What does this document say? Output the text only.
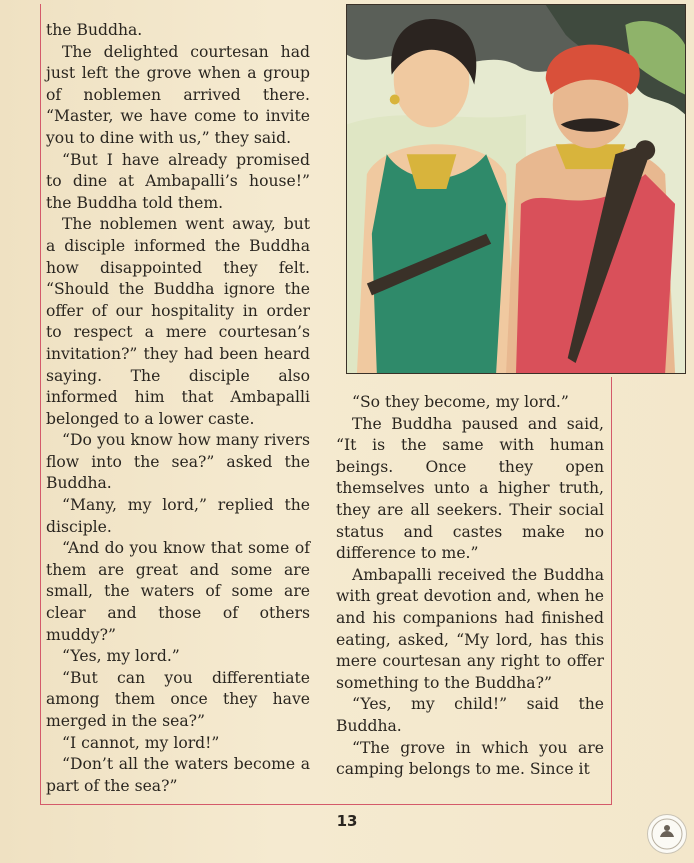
the Buddha.

The delighted courtesan had just left the grove when a group of noblemen arrived there. “Master, we have come to invite you to dine with us,” they said.

“But I have already promised to dine at Ambapalli’s house!” the Buddha told them.

The noblemen went away, but a disciple informed the Buddha how disappointed they felt. “Should the Buddha ignore the offer of our hospitality in order to respect a mere courtesan’s invitation?” they had been heard saying. The disciple also informed him that Ambapalli belonged to a lower caste.

“Do you know how many rivers flow into the sea?” asked the Buddha.

“Many, my lord,” replied the disciple.

“And do you know that some of them are great and some are small, the waters of some are clear and those of others muddy?”

“Yes, my lord.”

“But can you differentiate among them once they have merged in the sea?”

“I cannot, my lord!”

“Don’t all the waters become a part of the sea?”

“So they become, my lord.”

The Buddha paused and said, “It is the same with human beings. Once they open themselves unto a higher truth, they are all seekers. Their social status and castes make no difference to me.”

Ambapalli received the Buddha with great devotion and, when he and his companions had finished eating, asked, “My lord, has this mere courtesan any right to offer something to the Buddha?”

“Yes, my child!” said the Buddha.

“The grove in which you are camping belongs to me. Since it

13
